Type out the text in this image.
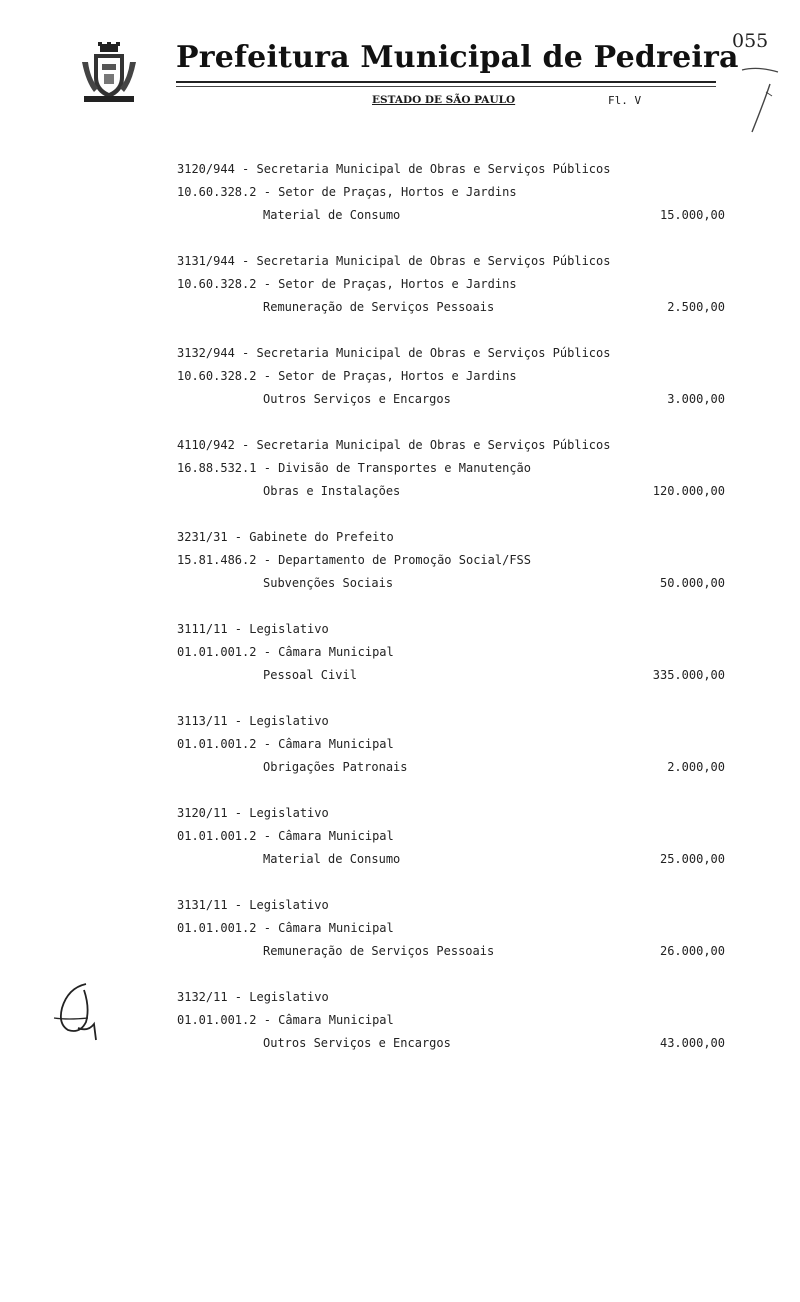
Prefeitura Municipal de Pedreira
ESTADO DE SÃO PAULO	Fl. V
055
3120/944 - Secretaria Municipal de Obras e Serviços Públicos
10.60.328.2 - Setor de Praças, Hortos e Jardins
Material de Consumo	15.000,00
3131/944 - Secretaria Municipal de Obras e Serviços Públicos
10.60.328.2 - Setor de Praças, Hortos e Jardins
Remuneração de Serviços Pessoais	2.500,00
3132/944 - Secretaria Municipal de Obras e Serviços Públicos
10.60.328.2 - Setor de Praças, Hortos e Jardins
Outros Serviços e Encargos	3.000,00
4110/942 - Secretaria Municipal de Obras e Serviços Públicos
16.88.532.1 - Divisão de Transportes e Manutenção
Obras e Instalações	120.000,00
3231/31 - Gabinete do Prefeito
15.81.486.2 - Departamento de Promoção Social/FSS
Subvenções Sociais	50.000,00
3111/11 - Legislativo
01.01.001.2 - Câmara Municipal
Pessoal Civil	335.000,00
3113/11 - Legislativo
01.01.001.2 - Câmara Municipal
Obrigações Patronais	2.000,00
3120/11 - Legislativo
01.01.001.2 - Câmara Municipal
Material de Consumo	25.000,00
3131/11 - Legislativo
01.01.001.2 - Câmara Municipal
Remuneração de Serviços Pessoais	26.000,00
3132/11 - Legislativo
01.01.001.2 - Câmara Municipal
Outros Serviços e Encargos	43.000,00
